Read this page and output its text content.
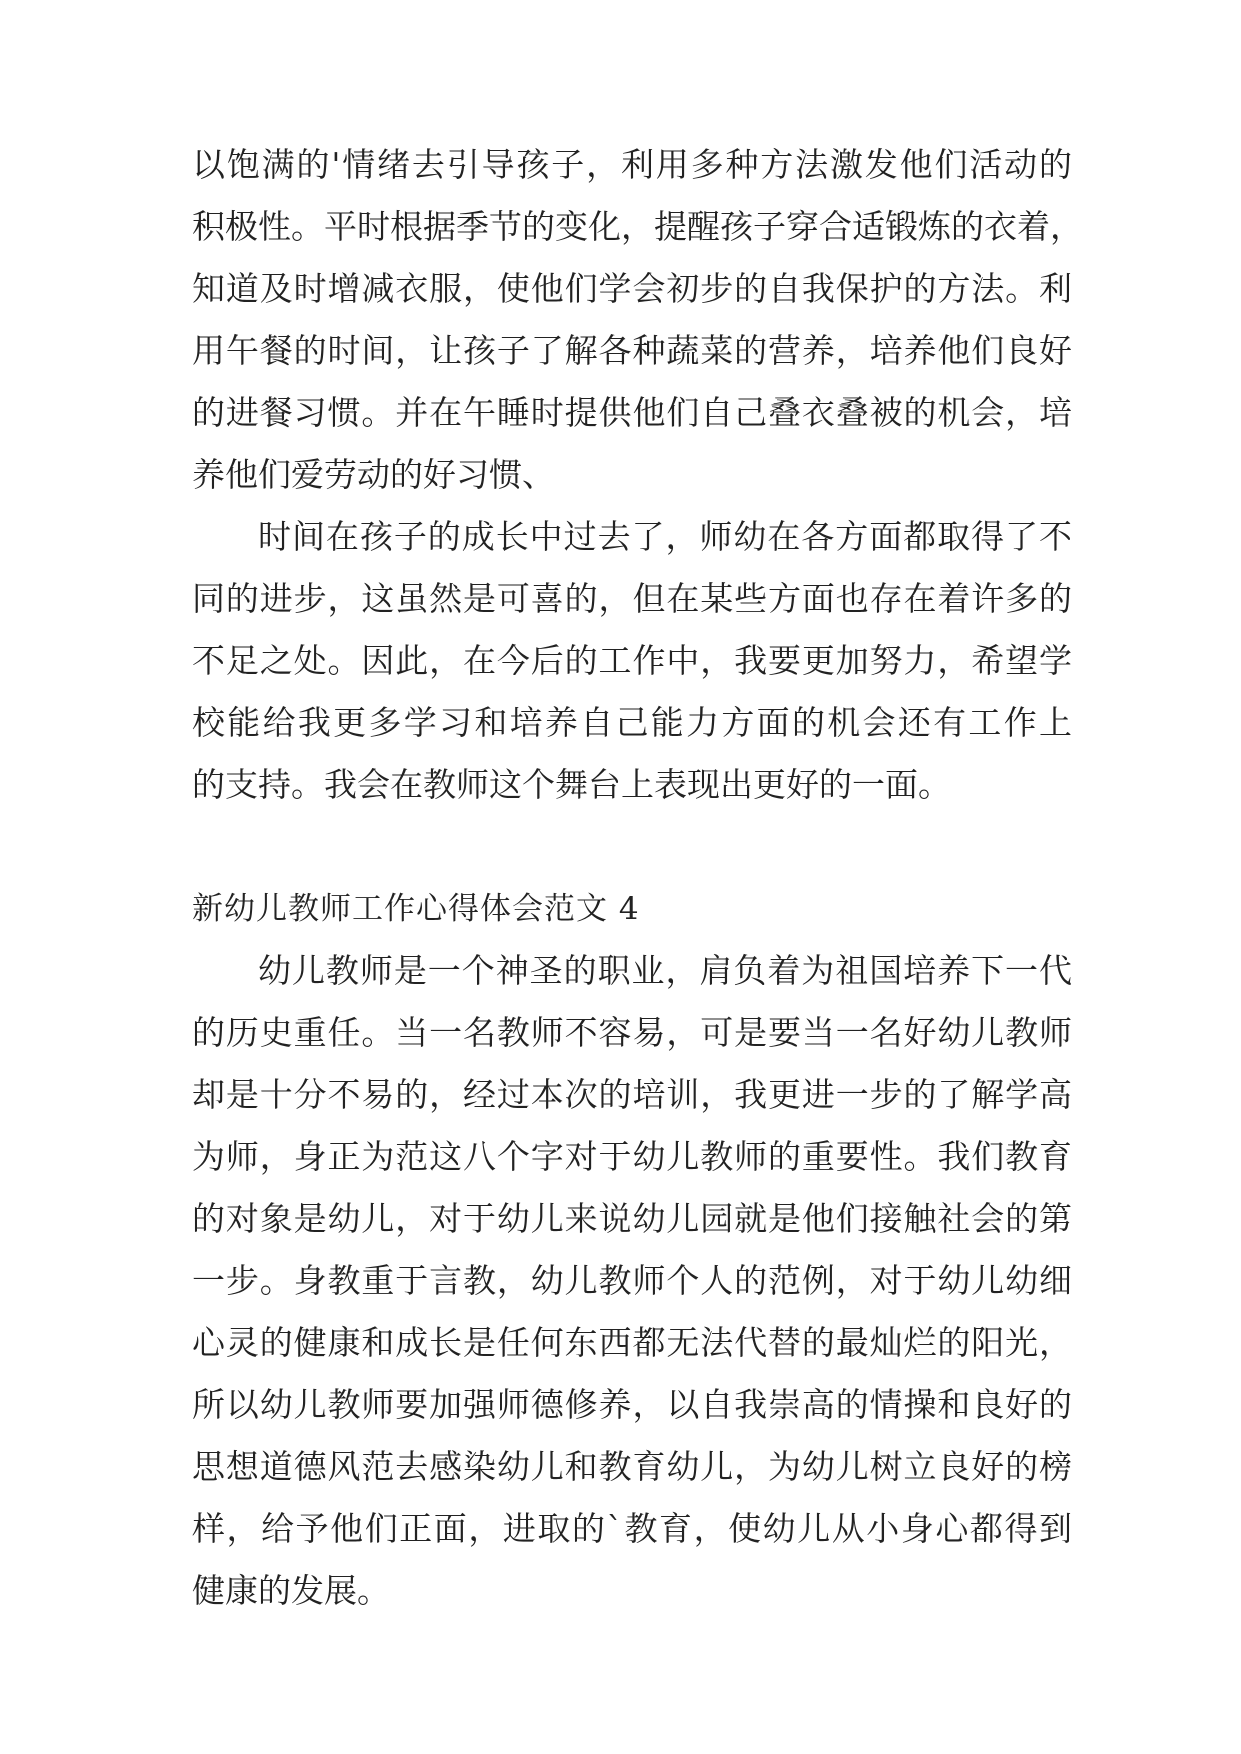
以饱满的'情绪去引导孩子，利用多种方法激发他们活动的
积极性。平时根据季节的变化，提醒孩子穿合适锻炼的衣着，
知道及时增减衣服，使他们学会初步的自我保护的方法。利
用午餐的时间，让孩子了解各种蔬菜的营养，培养他们良好
的进餐习惯。并在午睡时提供他们自己叠衣叠被的机会，培
养他们爱劳动的好习惯、
时间在孩子的成长中过去了，师幼在各方面都取得了不
同的进步，这虽然是可喜的，但在某些方面也存在着许多的
不足之处。因此，在今后的工作中，我要更加努力，希望学
校能给我更多学习和培养自己能力方面的机会还有工作上
的支持。我会在教师这个舞台上表现出更好的一面。
新幼儿教师工作心得体会范文 4
幼儿教师是一个神圣的职业，肩负着为祖国培养下一代
的历史重任。当一名教师不容易，可是要当一名好幼儿教师
却是十分不易的，经过本次的培训，我更进一步的了解学高
为师，身正为范这八个字对于幼儿教师的重要性。我们教育
的对象是幼儿，对于幼儿来说幼儿园就是他们接触社会的第
一步。身教重于言教，幼儿教师个人的范例，对于幼儿幼细
心灵的健康和成长是任何东西都无法代替的最灿烂的阳光，
所以幼儿教师要加强师德修养，以自我崇高的情操和良好的
思想道德风范去感染幼儿和教育幼儿，为幼儿树立良好的榜
样，给予他们正面，进取的`教育，使幼儿从小身心都得到
健康的发展。
